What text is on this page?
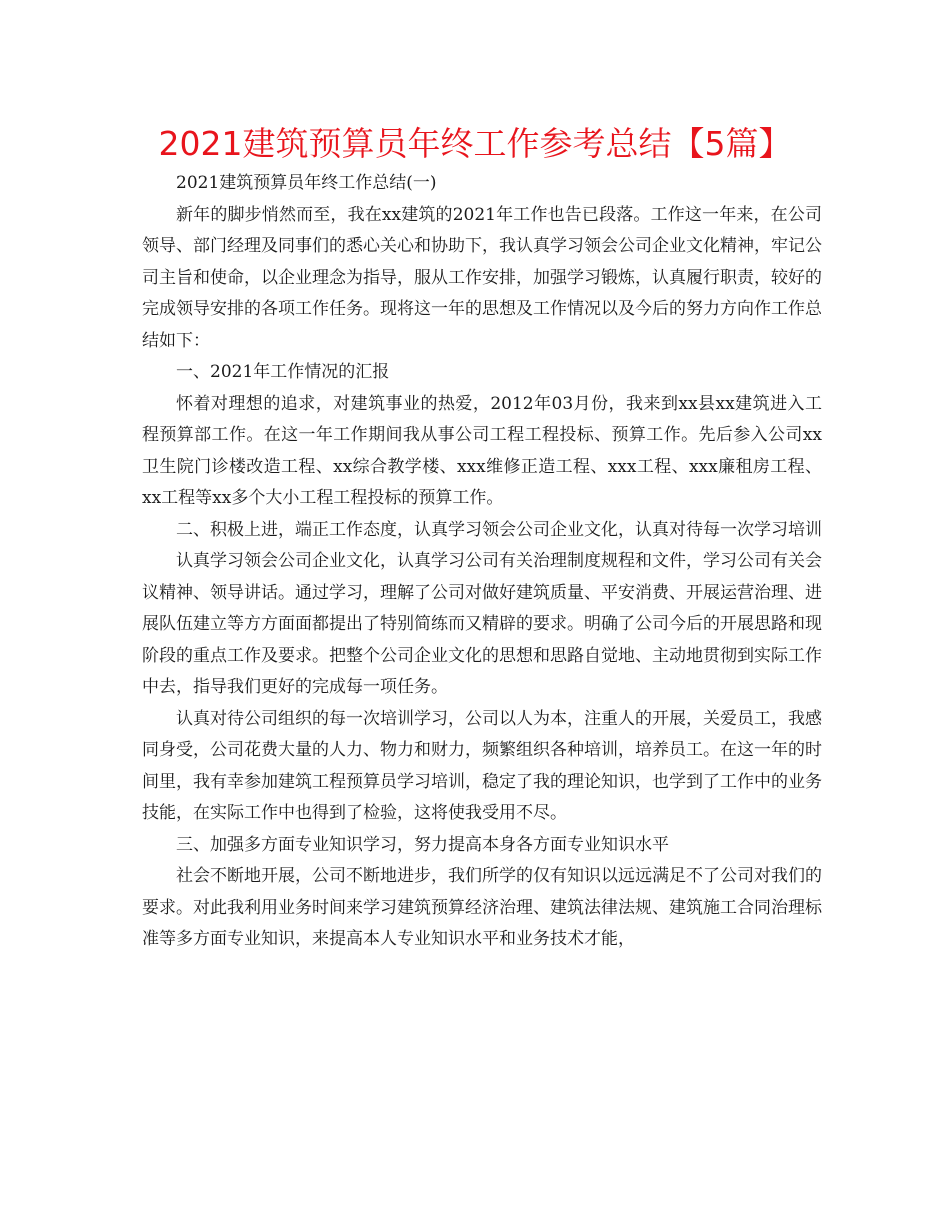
2021建筑预算员年终工作参考总结【5篇】

2021建筑预算员年终工作总结(一)

新年的脚步悄然而至，我在xx建筑的2021年工作也告已段落。工作这一年来，在公司领导、部门经理及同事们的悉心关心和协助下，我认真学习领会公司企业文化精神，牢记公司主旨和使命，以企业理念为指导，服从工作安排，加强学习锻炼，认真履行职责，较好的完成领导安排的各项工作任务。现将这一年的思想及工作情况以及今后的努力方向作工作总结如下：

一、2021年工作情况的汇报

怀着对理想的追求，对建筑事业的热爱，2012年03月份，我来到xx县xx建筑进入工程预算部工作。在这一年工作期间我从事公司工程工程投标、预算工作。先后参入公司xx卫生院门诊楼改造工程、xx综合教学楼、xxx维修正造工程、xxx工程、xxx廉租房工程、xx工程等xx多个大小工程工程投标的预算工作。

二、积极上进，端正工作态度，认真学习领会公司企业文化，认真对待每一次学习培训

认真学习领会公司企业文化，认真学习公司有关治理制度规程和文件，学习公司有关会议精神、领导讲话。通过学习，理解了公司对做好建筑质量、平安消费、开展运营治理、进展队伍建立等方方面面都提出了特别简练而又精辟的要求。明确了公司今后的开展思路和现阶段的重点工作及要求。把整个公司企业文化的思想和思路自觉地、主动地贯彻到实际工作中去，指导我们更好的完成每一项任务。

认真对待公司组织的每一次培训学习，公司以人为本，注重人的开展，关爱员工，我感同身受，公司花费大量的人力、物力和财力，频繁组织各种培训，培养员工。在这一年的时间里，我有幸参加建筑工程预算员学习培训，稳定了我的理论知识，也学到了工作中的业务技能，在实际工作中也得到了检验，这将使我受用不尽。

三、加强多方面专业知识学习，努力提高本身各方面专业知识水平

社会不断地开展，公司不断地进步，我们所学的仅有知识以远远满足不了公司对我们的要求。对此我利用业务时间来学习建筑预算经济治理、建筑法律法规、建筑施工合同治理标准等多方面专业知识，来提高本人专业知识水平和业务技术才能，
